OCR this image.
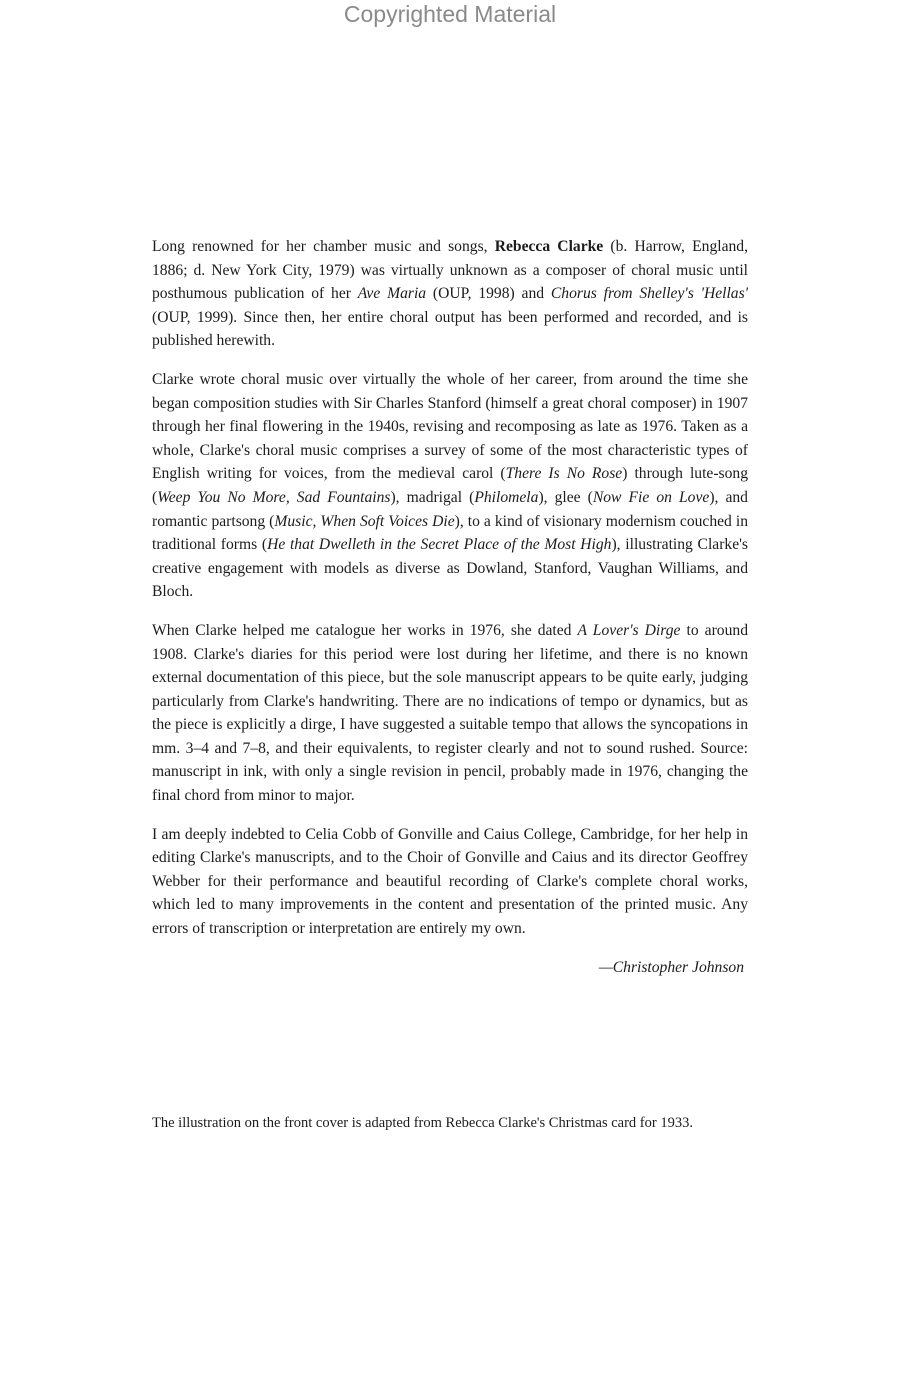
Copyrighted Material

Long renowned for her chamber music and songs, Rebecca Clarke (b. Harrow, England, 1886; d. New York City, 1979) was virtually unknown as a composer of choral music until posthumous publication of her Ave Maria (OUP, 1998) and Chorus from Shelley's 'Hellas' (OUP, 1999). Since then, her entire choral output has been performed and recorded, and is published herewith.

Clarke wrote choral music over virtually the whole of her career, from around the time she began composition studies with Sir Charles Stanford (himself a great choral composer) in 1907 through her final flowering in the 1940s, revising and recomposing as late as 1976. Taken as a whole, Clarke's choral music comprises a survey of some of the most characteristic types of English writing for voices, from the medieval carol (There Is No Rose) through lute-song (Weep You No More, Sad Fountains), madrigal (Philomela), glee (Now Fie on Love), and romantic partsong (Music, When Soft Voices Die), to a kind of visionary modernism couched in traditional forms (He that Dwelleth in the Secret Place of the Most High), illustrating Clarke's creative engagement with models as diverse as Dowland, Stanford, Vaughan Williams, and Bloch.

When Clarke helped me catalogue her works in 1976, she dated A Lover's Dirge to around 1908. Clarke's diaries for this period were lost during her lifetime, and there is no known external documentation of this piece, but the sole manuscript appears to be quite early, judging particularly from Clarke's handwriting. There are no indications of tempo or dynamics, but as the piece is explicitly a dirge, I have suggested a suitable tempo that allows the syncopations in mm. 3–4 and 7–8, and their equivalents, to register clearly and not to sound rushed. Source: manuscript in ink, with only a single revision in pencil, probably made in 1976, changing the final chord from minor to major.

I am deeply indebted to Celia Cobb of Gonville and Caius College, Cambridge, for her help in editing Clarke's manuscripts, and to the Choir of Gonville and Caius and its director Geoffrey Webber for their performance and beautiful recording of Clarke's complete choral works, which led to many improvements in the content and presentation of the printed music. Any errors of transcription or interpretation are entirely my own.

—Christopher Johnson
The illustration on the front cover is adapted from Rebecca Clarke's Christmas card for 1933.
